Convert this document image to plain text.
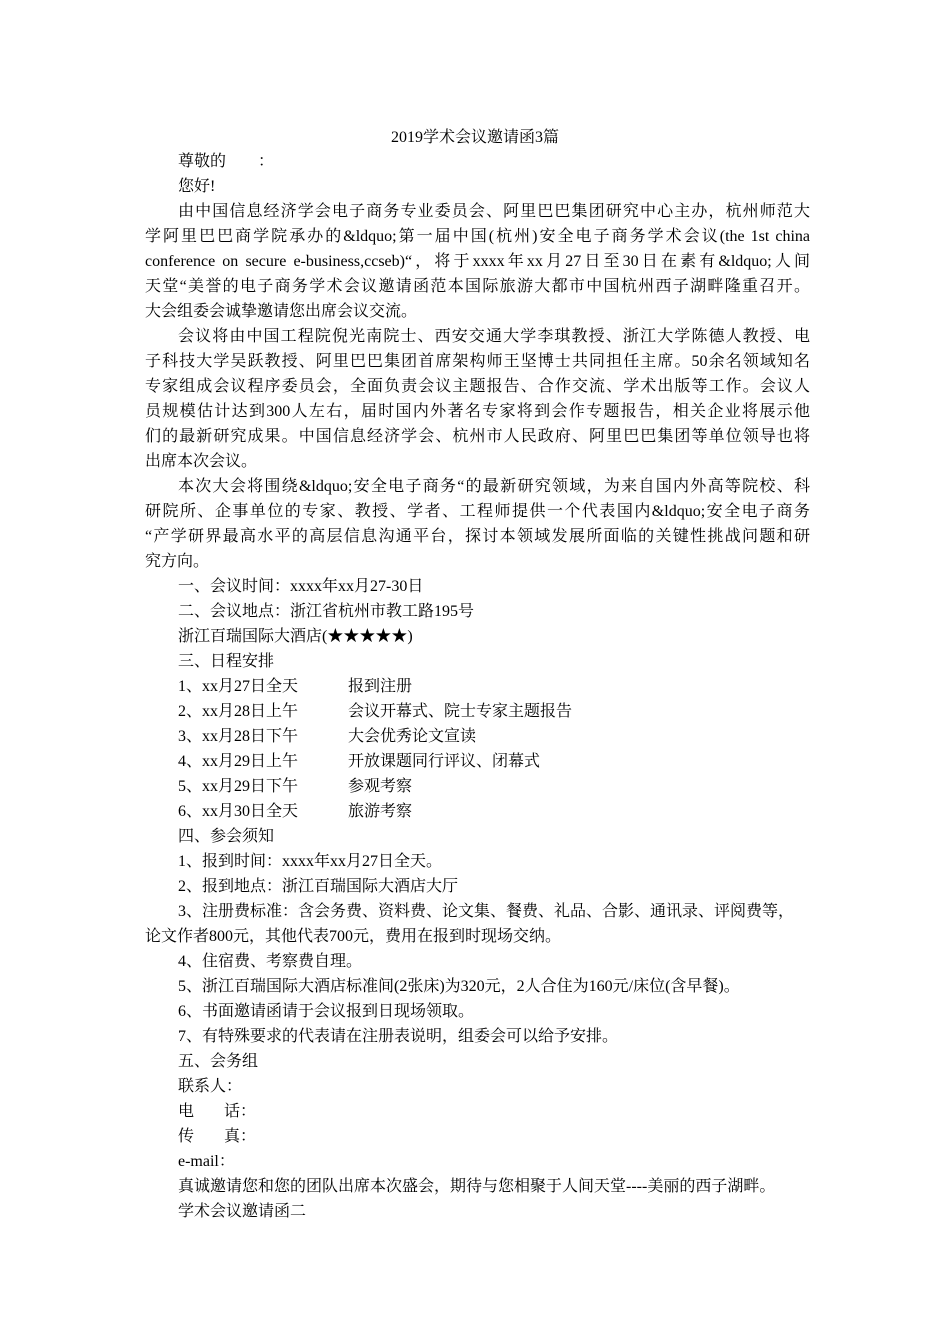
2019学术会议邀请函3篇
尊敬的　　：
您好!
由中国信息经济学会电子商务专业委员会、阿里巴巴集团研究中心主办，杭州师范大
学阿里巴巴商学院承办的&ldquo;第一届中国(杭州)安全电子商务学术会议(the 1st china
conference on secure e-business,ccseb)“，将于xxxx年xx月27日至30日在素有&ldquo;人间
天堂“美誉的电子商务学术会议邀请函范本国际旅游大都市中国杭州西子湖畔隆重召开。
大会组委会诚挚邀请您出席会议交流。
会议将由中国工程院倪光南院士、西安交通大学李琪教授、浙江大学陈德人教授、电
子科技大学吴跃教授、阿里巴巴集团首席架构师王坚博士共同担任主席。50余名领域知名
专家组成会议程序委员会，全面负责会议主题报告、合作交流、学术出版等工作。会议人
员规模估计达到300人左右，届时国内外著名专家将到会作专题报告，相关企业将展示他
们的最新研究成果。中国信息经济学会、杭州市人民政府、阿里巴巴集团等单位领导也将
出席本次会议。
本次大会将围绕&ldquo;安全电子商务“的最新研究领域，为来自国内外高等院校、科
研院所、企事单位的专家、教授、学者、工程师提供一个代表国内&ldquo;安全电子商务
“产学研界最高水平的高层信息沟通平台，探讨本领域发展所面临的关键性挑战问题和研
究方向。
一、会议时间：xxxx年xx月27-30日
二、会议地点：浙江省杭州市教工路195号
浙江百瑞国际大酒店(★★★★★)
三、日程安排
1、xx月27日全天	报到注册
2、xx月28日上午	会议开幕式、院士专家主题报告
3、xx月28日下午	大会优秀论文宣读
4、xx月29日上午	开放课题同行评议、闭幕式
5、xx月29日下午	参观考察
6、xx月30日全天	旅游考察
四、参会须知
1、报到时间：xxxx年xx月27日全天。
2、报到地点：浙江百瑞国际大酒店大厅
3、注册费标准：含会务费、资料费、论文集、餐费、礼品、合影、通讯录、评阅费等，
论文作者800元，其他代表700元，费用在报到时现场交纳。
4、住宿费、考察费自理。
5、浙江百瑞国际大酒店标准间(2张床)为320元，2人合住为160元/床位(含早餐)。
6、书面邀请函请于会议报到日现场领取。
7、有特殊要求的代表请在注册表说明，组委会可以给予安排。
五、会务组
联系人：
电 话：
传 真：
e-mail：
真诚邀请您和您的团队出席本次盛会，期待与您相聚于人间天堂----美丽的西子湖畔。
学术会议邀请函二
